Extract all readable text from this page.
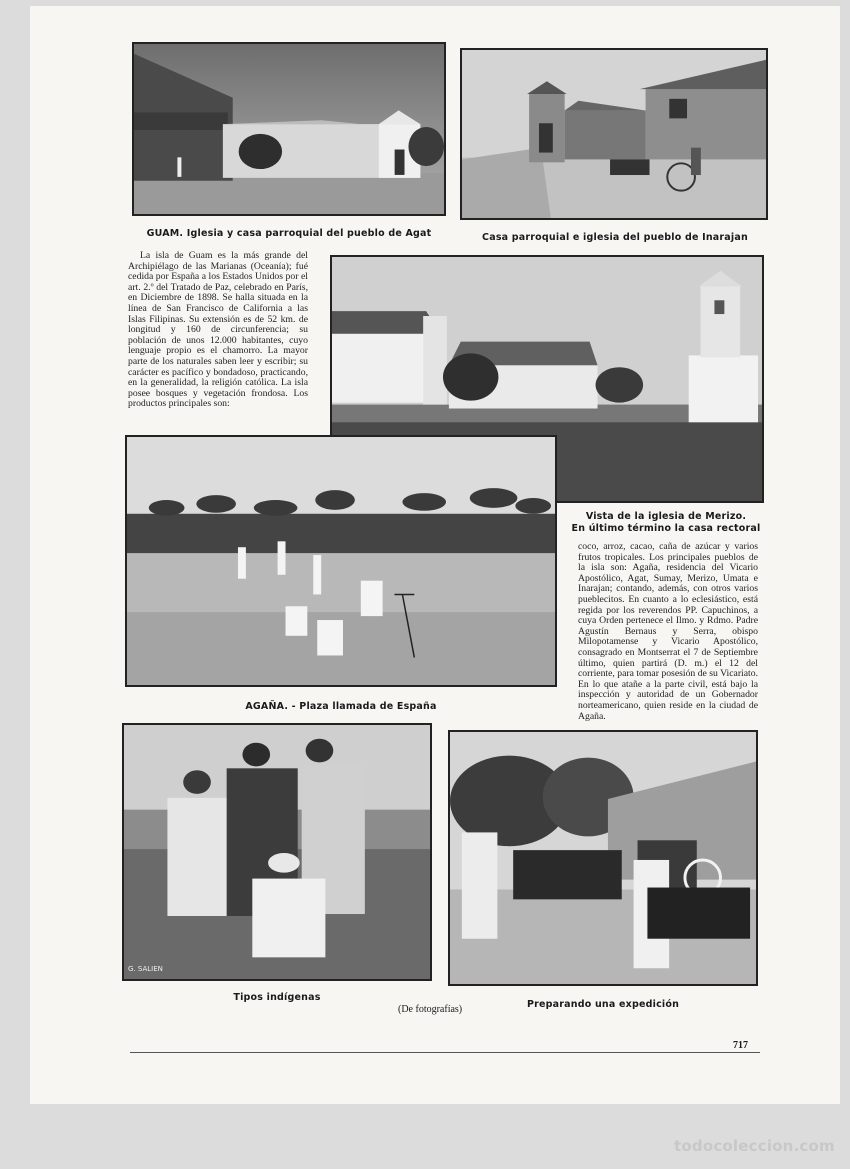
GUAM. Iglesia y casa parroquial del pueblo de Agat	Casa parroquial e iglesia del pueblo de Inarajan
La isla de Guam es la más grande del Archipiélago de las Marianas (Oceanía); fué cedida por España a los Estados Unidos por el art. 2.º del Tratado de Paz, celebrado en París, en Diciembre de 1898. Se halla situada en la línea de San Francisco de California a las Islas Filipinas. Su extensión es de 52 km. de longitud y 160 de circunferencia; su población de unos 12.000 habitantes, cuyo lenguaje propio es el chamorro. La mayor parte de los naturales saben leer y escribir; su carácter es pacífico y bondadoso, practicando, en la generalidad, la religión católica. La isla posee bosques y vegetación frondosa. Los productos principales son:
Vista de la iglesia de Merizo.
En último término la casa rectoral
coco, arroz, cacao, caña de azúcar y varios frutos tropicales. Los principales pueblos de la isla son: Agaña, residencia del Vicario Apostólico, Agat, Sumay, Merizo, Umata e Inarajan; contando, además, con otros varios pueblecitos. En cuanto a lo eclesiástico, está regida por los reverendos PP. Capuchinos, a cuya Orden pertenece el Ilmo. y Rdmo. Padre Agustín Bernaus y Serra, obispo Milopotamense y Vicario Apostólico, consagrado en Montserrat el 7 de Septiembre último, quien partirá (D. m.) el 12 del corriente, para tomar posesión de su Vicariato. En lo que atañe a la parte civil, está bajo la inspección y autoridad de un Gobernador norteamericano, quien reside en la ciudad de Agaña.
AGAÑA. - Plaza llamada de España
G. SALIEN
Tipos indígenas
Preparando una expedición
(De fotografías)
717
todocoleccion.com
